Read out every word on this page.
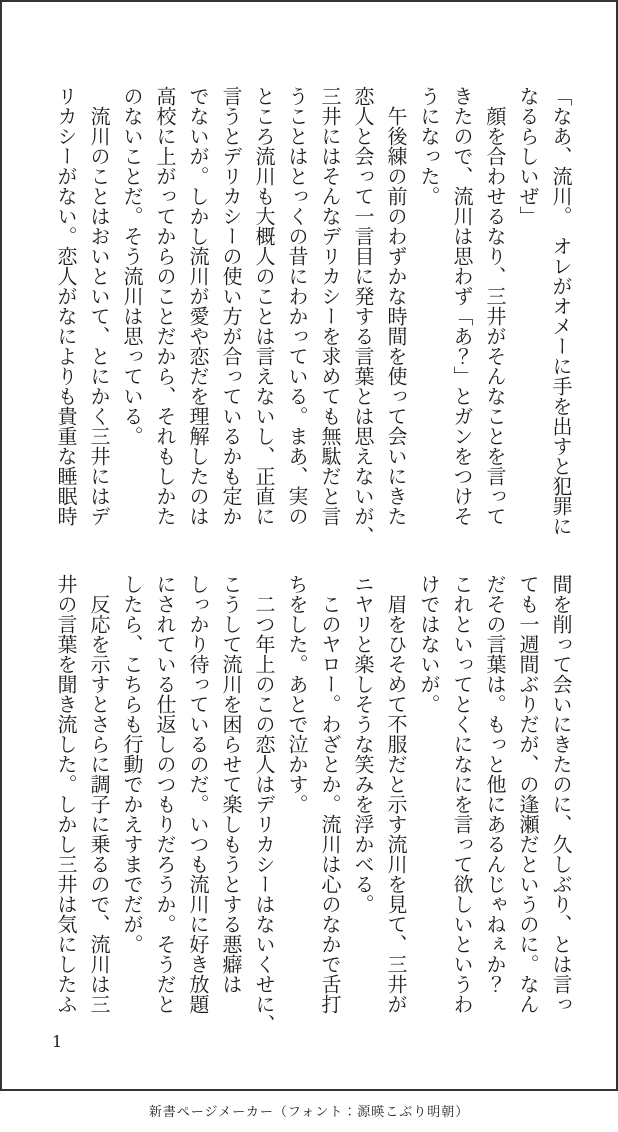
「なあ、流川。　オレがオメーに手を出すと犯罪に
なるらしいぜ」
　顔を合わせるなり、三井がそんなことを言って
きたので、流川は思わず「あ？」とガンをつけそ
うになった。
　午後練の前のわずかな時間を使って会いにきた
恋人と会って一言目に発する言葉とは思えないが、
三井にはそんなデリカシーを求めても無駄だと言
うことはとっくの昔にわかっている。まあ、実の
ところ流川も大概人のことは言えないし、正直に
言うとデリカシーの使い方が合っているかも定か
でないが。しかし流川が愛や恋だを理解したのは
高校に上がってからのことだから、それもしかた
のないことだ。そう流川は思っている。
　流川のことはおいといて、とにかく三井にはデ
リカシーがない。恋人がなによりも貴重な睡眠時
間を削って会いにきたのに、久しぶり、とは言っ
ても一週間ぶりだが、の逢瀬だというのに。なん
だその言葉は。もっと他にあるんじゃねぇか？
これといってとくになにを言って欲しいというわ
けではないが。
　眉をひそめて不服だと示す流川を見て、三井が
ニヤリと楽しそうな笑みを浮かべる。
　このヤロー。わざとか。流川は心のなかで舌打
ちをした。あとで泣かす。
　二つ年上のこの恋人はデリカシーはないくせに、
こうして流川を困らせて楽しもうとする悪癖は
しっかり待っているのだ。いつも流川に好き放題
にされている仕返しのつもりだろうか。そうだと
したら、こちらも行動でかえすまでだが。
　反応を示すとさらに調子に乗るので、流川は三
井の言葉を聞き流した。しかし三井は気にしたふ
1
新書ページメーカー（フォント：源暎こぶり明朝）
